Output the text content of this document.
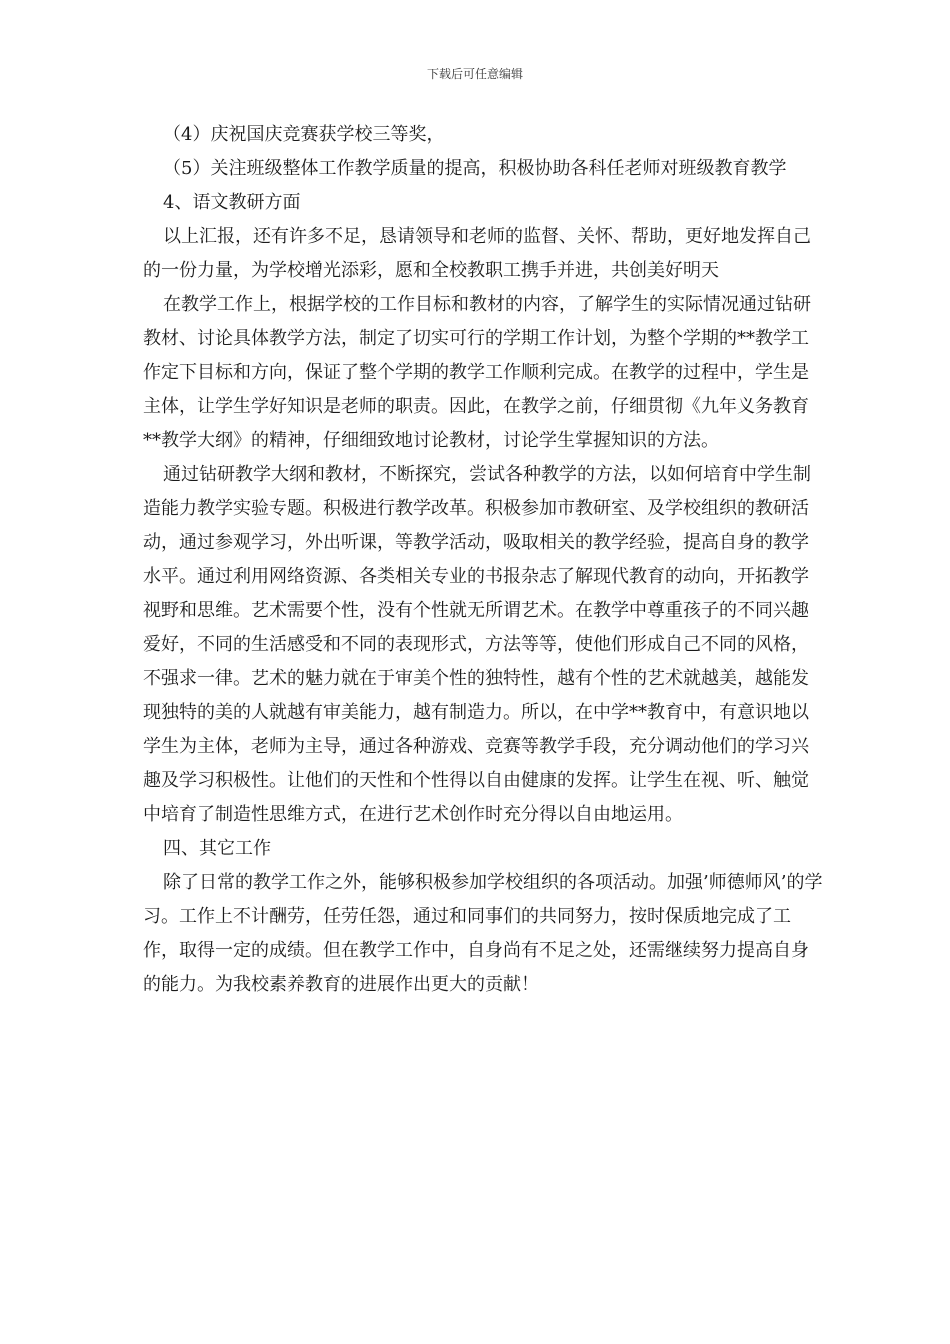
下载后可任意编辑

（4）庆祝国庆竞赛获学校三等奖，

（5）关注班级整体工作教学质量的提高，积极协助各科任老师对班级教育教学

4、语文教研方面

以上汇报，还有许多不足，恳请领导和老师的监督、关怀、帮助，更好地发挥自己的一份力量，为学校增光添彩，愿和全校教职工携手并进，共创美好明天

在教学工作上，根据学校的工作目标和教材的内容，了解学生的实际情况通过钻研教材、讨论具体教学方法，制定了切实可行的学期工作计划，为整个学期的**教学工作定下目标和方向，保证了整个学期的教学工作顺利完成。在教学的过程中，学生是主体，让学生学好知识是老师的职责。因此，在教学之前，仔细贯彻《九年义务教育**教学大纲》的精神，仔细细致地讨论教材，讨论学生掌握知识的方法。

通过钻研教学大纲和教材，不断探究，尝试各种教学的方法，以如何培育中学生制造能力教学实验专题。积极进行教学改革。积极参加市教研室、及学校组织的教研活动，通过参观学习，外出听课，等教学活动，吸取相关的教学经验，提高自身的教学水平。通过利用网络资源、各类相关专业的书报杂志了解现代教育的动向，开拓教学视野和思维。艺术需要个性，没有个性就无所谓艺术。在教学中尊重孩子的不同兴趣爱好，不同的生活感受和不同的表现形式，方法等等，使他们形成自己不同的风格，不强求一律。艺术的魅力就在于审美个性的独特性，越有个性的艺术就越美，越能发现独特的美的人就越有审美能力，越有制造力。所以，在中学**教育中，有意识地以学生为主体，老师为主导，通过各种游戏、竞赛等教学手段，充分调动他们的学习兴趣及学习积极性。让他们的天性和个性得以自由健康的发挥。让学生在视、听、触觉中培育了制造性思维方式，在进行艺术创作时充分得以自由地运用。

四、其它工作

除了日常的教学工作之外，能够积极参加学校组织的各项活动。加强’师德师风’的学习。工作上不计酬劳，任劳任怨，通过和同事们的共同努力，按时保质地完成了工作，取得一定的成绩。但在教学工作中，自身尚有不足之处，还需继续努力提高自身的能力。为我校素养教育的进展作出更大的贡献！
